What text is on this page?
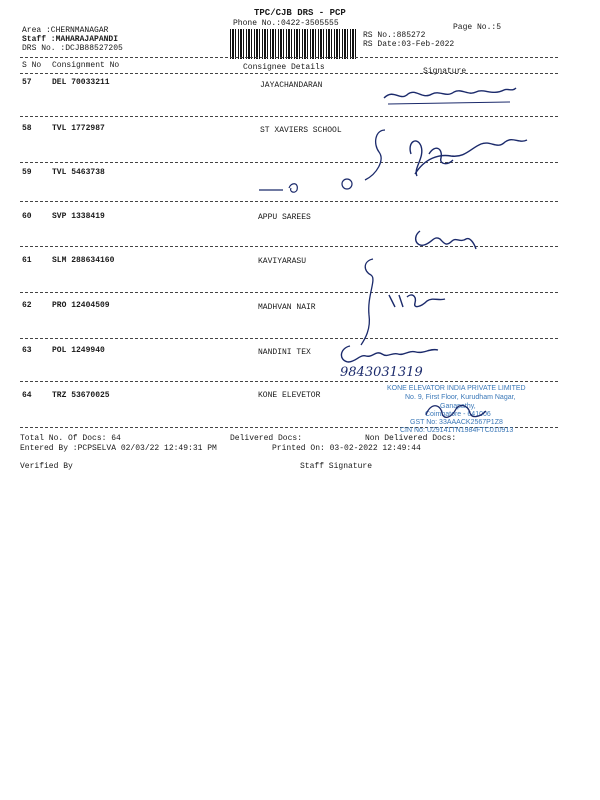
TPC/CJB DRS - PCP
Phone No.:0422-3505555
Area :CHERNMANAGAR
Staff :MAHARAJAPANDI
DRS No. :DCJB88527205
Page No.:5
RS No.:885272
RS Date:03-Feb-2022
S No Consignment No	Consignee Details	Signature
57	DEL 70033211	JAYACHANDARAN
58	TVL 1772987	ST XAVIERS SCHOOL
59	TVL 5463738
60	SVP 1338419	APPU SAREES
61	SLM 288634160	KAVIYARASU
62	PRO 12404509	MADHVAN NAIR
63	POL 1249940	NANDINI TEX
64	TRZ 53670025	KONE ELEVETOR
9843031319
KONE ELEVATOR INDIA PRIVATE LIMITED
No. 9, First Floor, Kurudham Nagar,
Ganapathy,
Coimbatore - 641006
GST No: 33AAACK2567P1Z8
CIN No: U29141TN1984FTC010913
Total No. Of Docs: 64	Delivered Docs:	Non Delivered Docs:
Entered By :PCPSELVA 02/03/22 12:49:31 PM	Printed On: 03-02-2022 12:49:44
Verified By	Staff Signature
